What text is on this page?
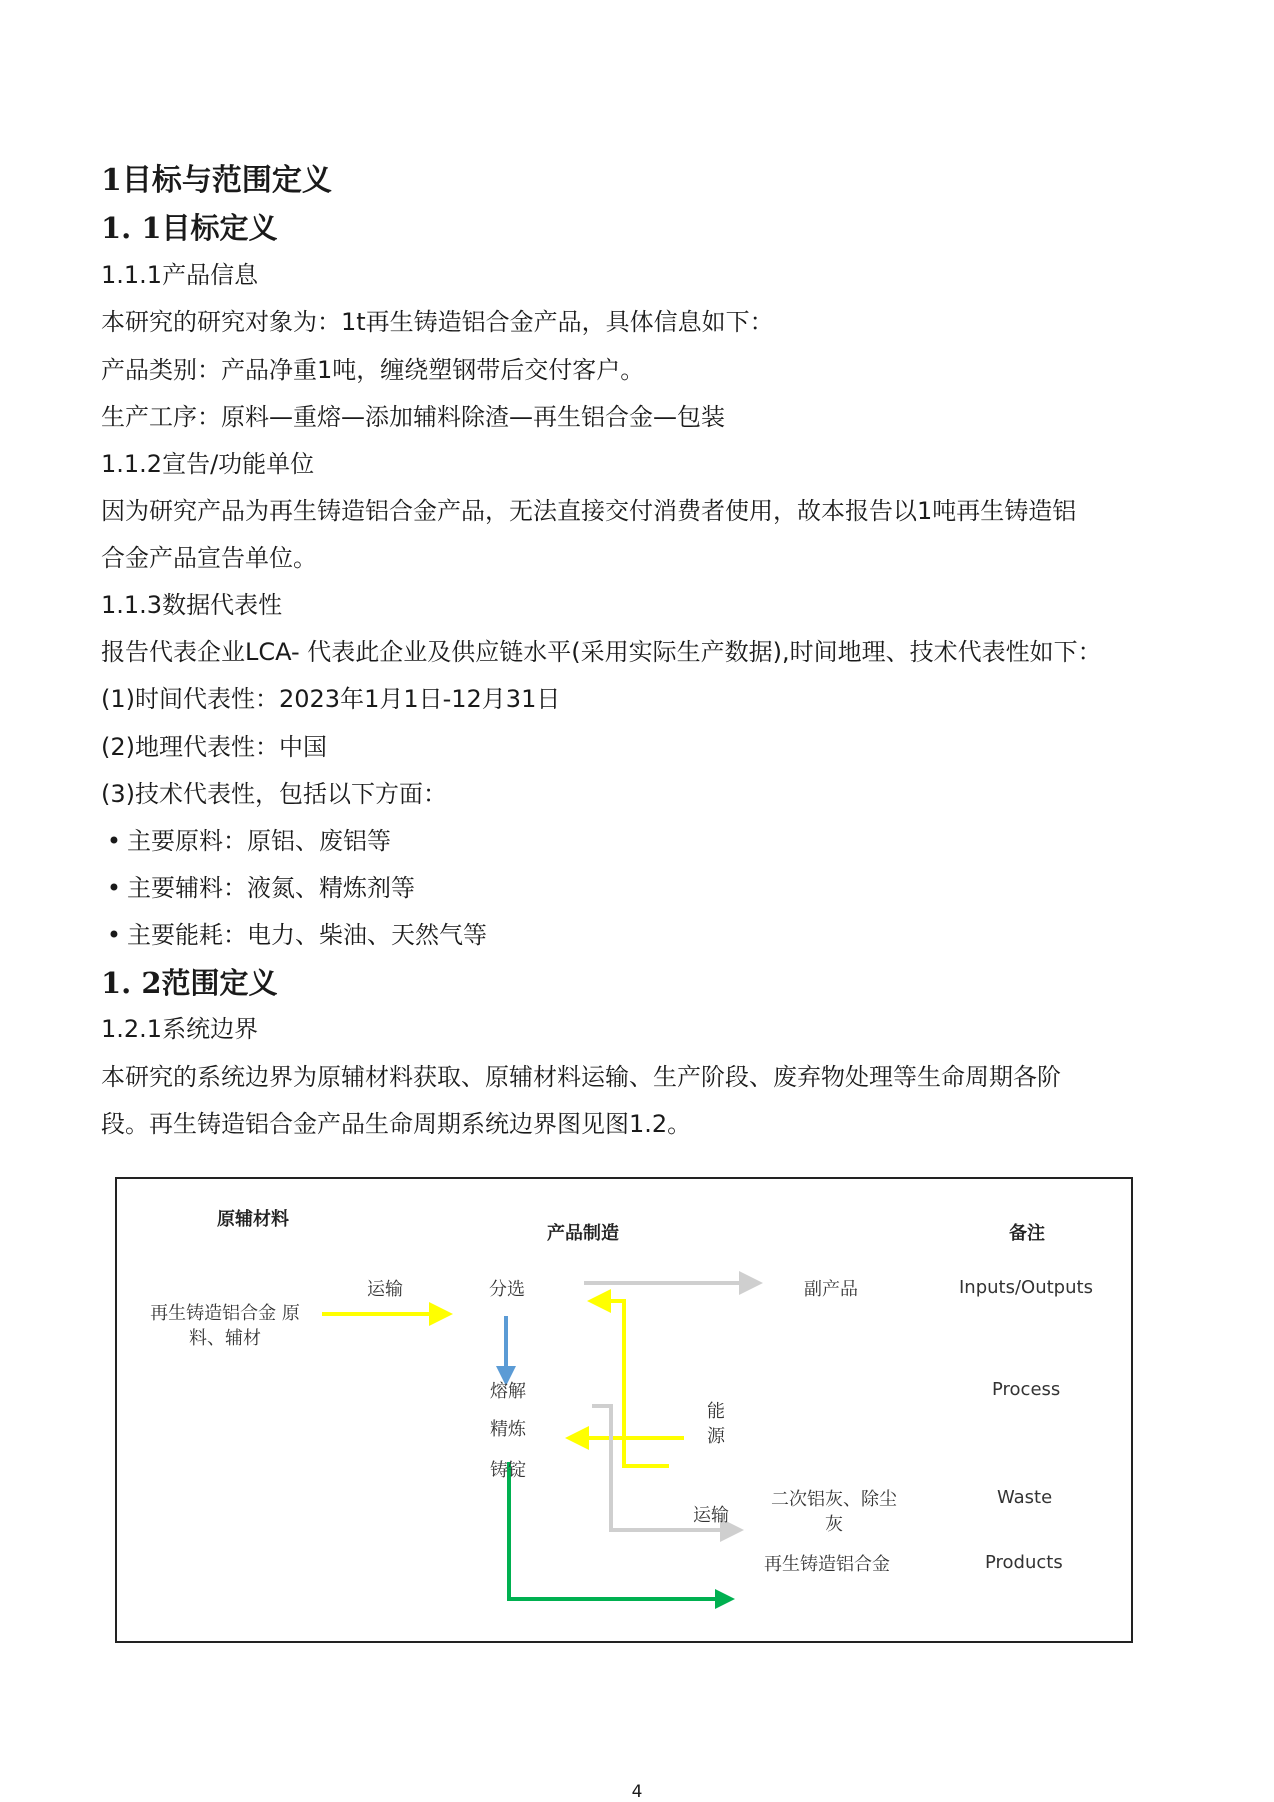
1目标与范围定义
1. 1目标定义
1.1.1产品信息
本研究的研究对象为：1t再生铸造铝合金产品，具体信息如下：
产品类别：产品净重1吨，缠绕塑钢带后交付客户。
生产工序：原料—重熔—添加辅料除渣—再生铝合金—包装
1.1.2宣告/功能单位
因为研究产品为再生铸造铝合金产品，无法直接交付消费者使用，故本报告以1吨再生铸造铝
合金产品宣告单位。
1.1.3数据代表性
报告代表企业LCA- 代表此企业及供应链水平(采用实际生产数据),时间地理、技术代表性如下：
(1)时间代表性：2023年1月1日-12月31日
(2)地理代表性：中国
(3)技术代表性，包括以下方面：
• 主要原料：原铝、废铝等
• 主要辅料：液氮、精炼剂等
• 主要能耗：电力、柴油、天然气等
1. 2范围定义
1.2.1系统边界
本研究的系统边界为原辅材料获取、原辅材料运输、生产阶段、废弃物处理等生命周期各阶
段。再生铸造铝合金产品生命周期系统边界图见图1.2。
原辅材料
产品制造	备注
再生铸造铝合金 原
料、辅材
运输	分选	副产品
熔解
精炼
铸锭
能
源
运输
二次铝灰、除尘
灰
再生铸造铝合金
Inputs/Outputs
Process
Waste
Products
4
